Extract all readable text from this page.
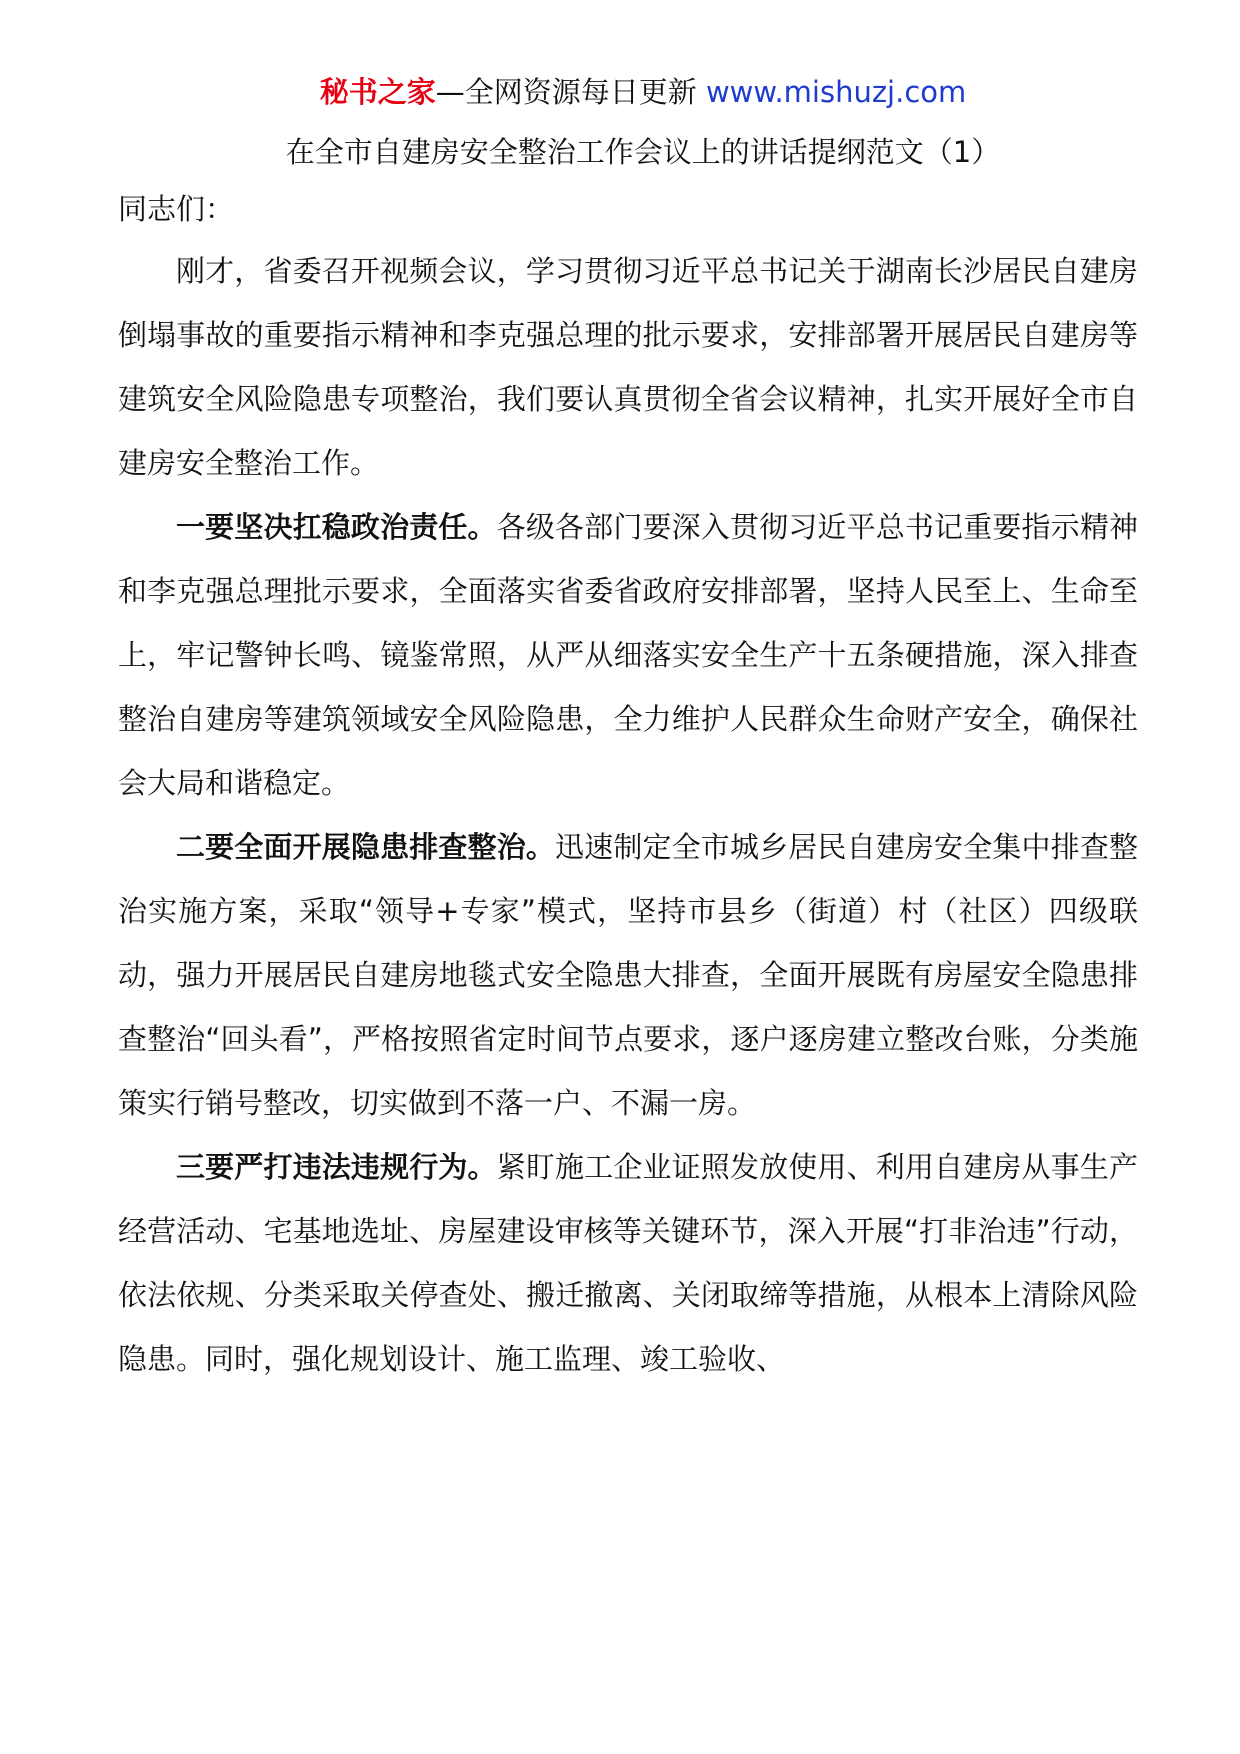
秘书之家—全网资源每日更新 www.mishuzj.com
在全市自建房安全整治工作会议上的讲话提纲范文（1）
同志们：

刚才，省委召开视频会议，学习贯彻习近平总书记关于湖南长沙居民自建房倒塌事故的重要指示精神和李克强总理的批示要求，安排部署开展居民自建房等建筑安全风险隐患专项整治，我们要认真贯彻全省会议精神，扎实开展好全市自建房安全整治工作。

一要坚决扛稳政治责任。各级各部门要深入贯彻习近平总书记重要指示精神和李克强总理批示要求，全面落实省委省政府安排部署，坚持人民至上、生命至上，牢记警钟长鸣、镜鉴常照，从严从细落实安全生产十五条硬措施，深入排查整治自建房等建筑领域安全风险隐患，全力维护人民群众生命财产安全，确保社会大局和谐稳定。

二要全面开展隐患排查整治。迅速制定全市城乡居民自建房安全集中排查整治实施方案，采取“领导+专家”模式，坚持市县乡（街道）村（社区）四级联动，强力开展居民自建房地毯式安全隐患大排查，全面开展既有房屋安全隐患排查整治“回头看”，严格按照省定时间节点要求，逐户逐房建立整改台账，分类施策实行销号整改，切实做到不落一户、不漏一房。

三要严打违法违规行为。紧盯施工企业证照发放使用、利用自建房从事生产经营活动、宅基地选址、房屋建设审核等关键环节，深入开展“打非治违”行动，依法依规、分类采取关停查处、搬迁撤离、关闭取缔等措施，从根本上清除风险隐患。同时，强化规划设计、施工监理、竣工验收、
